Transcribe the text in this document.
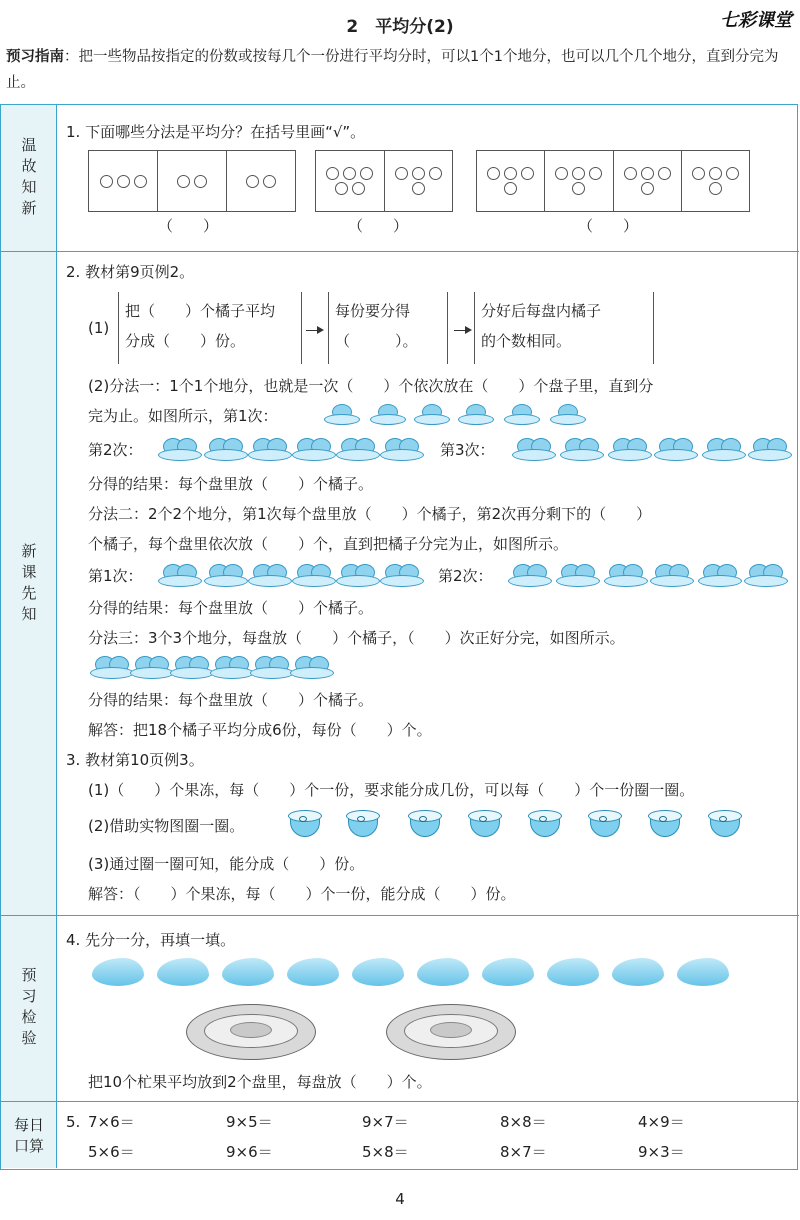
2　平均分(2)	七彩课堂
预习指南：把一些物品按指定的份数或按每几个一份进行平均分时，可以1个1个地分，也可以几个几个地分，直到分完为止。
温故知新
新课先知
预习检验
每日口算
1. 下面哪些分法是平均分？在括号里画“√”。
（　　）	（　　）	（　　）
2. 教材第9页例2。
(1)
把（　　）个橘子平均
分成（　　）份。
每份要分得
（　　　）。
分好后每盘内橘子
的个数相同。
(2)分法一：1个1个地分，也就是一次（　　）个依次放在（　　）个盘子里，直到分
完为止。如图所示，第1次：
第2次：	第3次：
分得的结果：每个盘里放（　　）个橘子。
分法二：2个2个地分，第1次每个盘里放（　　）个橘子，第2次再分剩下的（　　）
个橘子，每个盘里依次放（　　）个，直到把橘子分完为止，如图所示。
第1次：	第2次：
分得的结果：每个盘里放（　　）个橘子。
分法三：3个3个地分，每盘放（　　）个橘子，（　　）次正好分完，如图所示。
分得的结果：每个盘里放（　　）个橘子。
解答：把18个橘子平均分成6份，每份（　　）个。
3. 教材第10页例3。
(1)（　　）个果冻，每（　　）个一份，要求能分成几份，可以每（　　）个一份圈一圈。
(2)借助实物图圈一圈。
(3)通过圈一圈可知，能分成（　　）份。
解答：（　　）个果冻，每（　　）个一份，能分成（　　）份。
4. 先分一分，再填一填。
把10个杧果平均放到2个盘里，每盘放（　　）个。
5. 7×6＝	9×5＝	9×7＝	8×8＝	4×9＝
5×6＝	9×6＝	5×8＝	8×7＝	9×3＝
4
